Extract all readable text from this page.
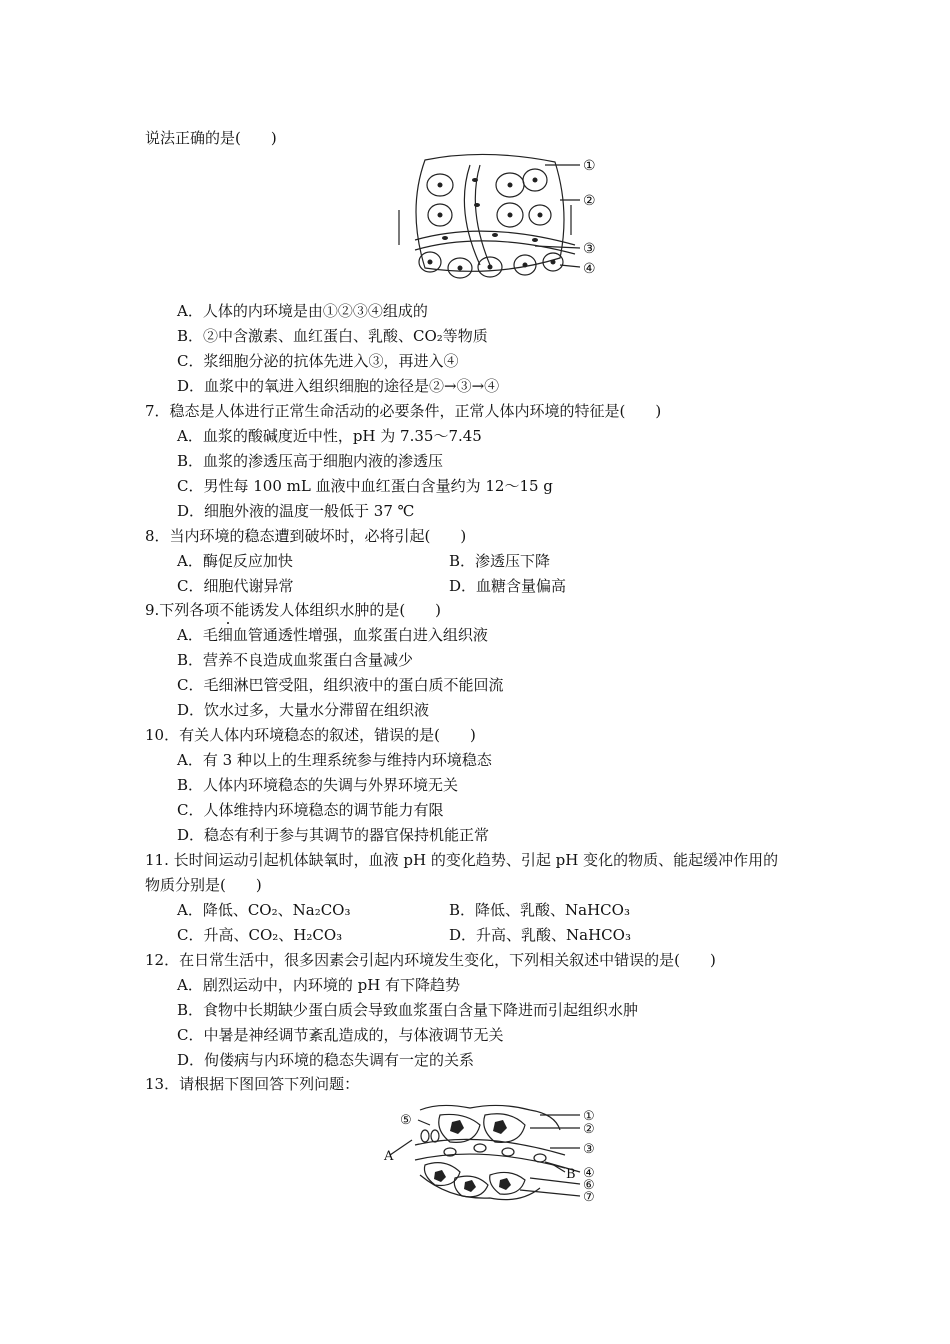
说法正确的是(　　)
①
②
③
④
A．人体的内环境是由①②③④组成的
B．②中含激素、血红蛋白、乳酸、CO₂等物质
C．浆细胞分泌的抗体先进入③，再进入④
D．血浆中的氧进入组织细胞的途径是②→③→④
7．稳态是人体进行正常生命活动的必要条件，正常人体内环境的特征是(　　)
A．血浆的酸碱度近中性，pH 为 7.35～7.45
B．血浆的渗透压高于细胞内液的渗透压
C．男性每 100 mL 血液中血红蛋白含量约为 12～15 g
D．细胞外液的温度一般低于 37 ℃
8．当内环境的稳态遭到破坏时，必将引起(　　)
A．酶促反应加快	B．渗透压下降
C．细胞代谢异常	D．血糖含量偏高
9.下列各项不能诱发人体组织水肿的是(　　)
A．毛细血管通透性增强，血浆蛋白进入组织液
B．营养不良造成血浆蛋白含量减少
C．毛细淋巴管受阻，组织液中的蛋白质不能回流
D．饮水过多，大量水分滞留在组织液
10．有关人体内环境稳态的叙述，错误的是(　　)
A．有 3 种以上的生理系统参与维持内环境稳态
B．人体内环境稳态的失调与外界环境无关
C．人体维持内环境稳态的调节能力有限
D．稳态有利于参与其调节的器官保持机能正常
11. 长时间运动引起机体缺氧时，血液 pH 的变化趋势、引起 pH 变化的物质、能起缓冲作用的
物质分别是(　　)
A．降低、CO₂、Na₂CO₃	B．降低、乳酸、NaHCO₃
C．升高、CO₂、H₂CO₃	D．升高、乳酸、NaHCO₃
12．在日常生活中，很多因素会引起内环境发生变化，下列相关叙述中错误的是(　　)
A．剧烈运动中，内环境的 pH 有下降趋势
B．食物中长期缺少蛋白质会导致血浆蛋白含量下降进而引起组织水肿
C．中暑是神经调节紊乱造成的，与体液调节无关
D．佝偻病与内环境的稳态失调有一定的关系
13．请根据下图回答下列问题：
⑤
A
B
①
②
③
④
⑥
⑦
